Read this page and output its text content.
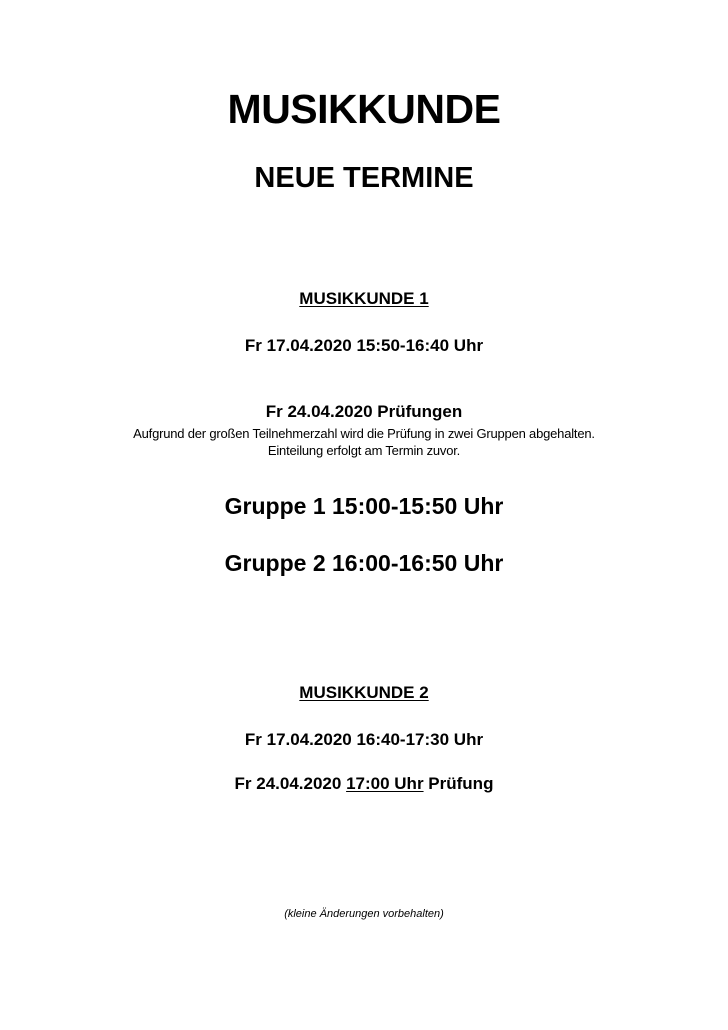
MUSIKKUNDE
NEUE TERMINE
MUSIKKUNDE 1
Fr 17.04.2020 15:50-16:40 Uhr
Fr 24.04.2020 Prüfungen
Aufgrund der großen Teilnehmerzahl wird die Prüfung in zwei Gruppen abgehalten.
Einteilung erfolgt am Termin zuvor.
Gruppe 1 15:00-15:50 Uhr
Gruppe 2 16:00-16:50 Uhr
MUSIKKUNDE 2
Fr 17.04.2020 16:40-17:30 Uhr
Fr 24.04.2020 17:00 Uhr Prüfung
(kleine Änderungen vorbehalten)
